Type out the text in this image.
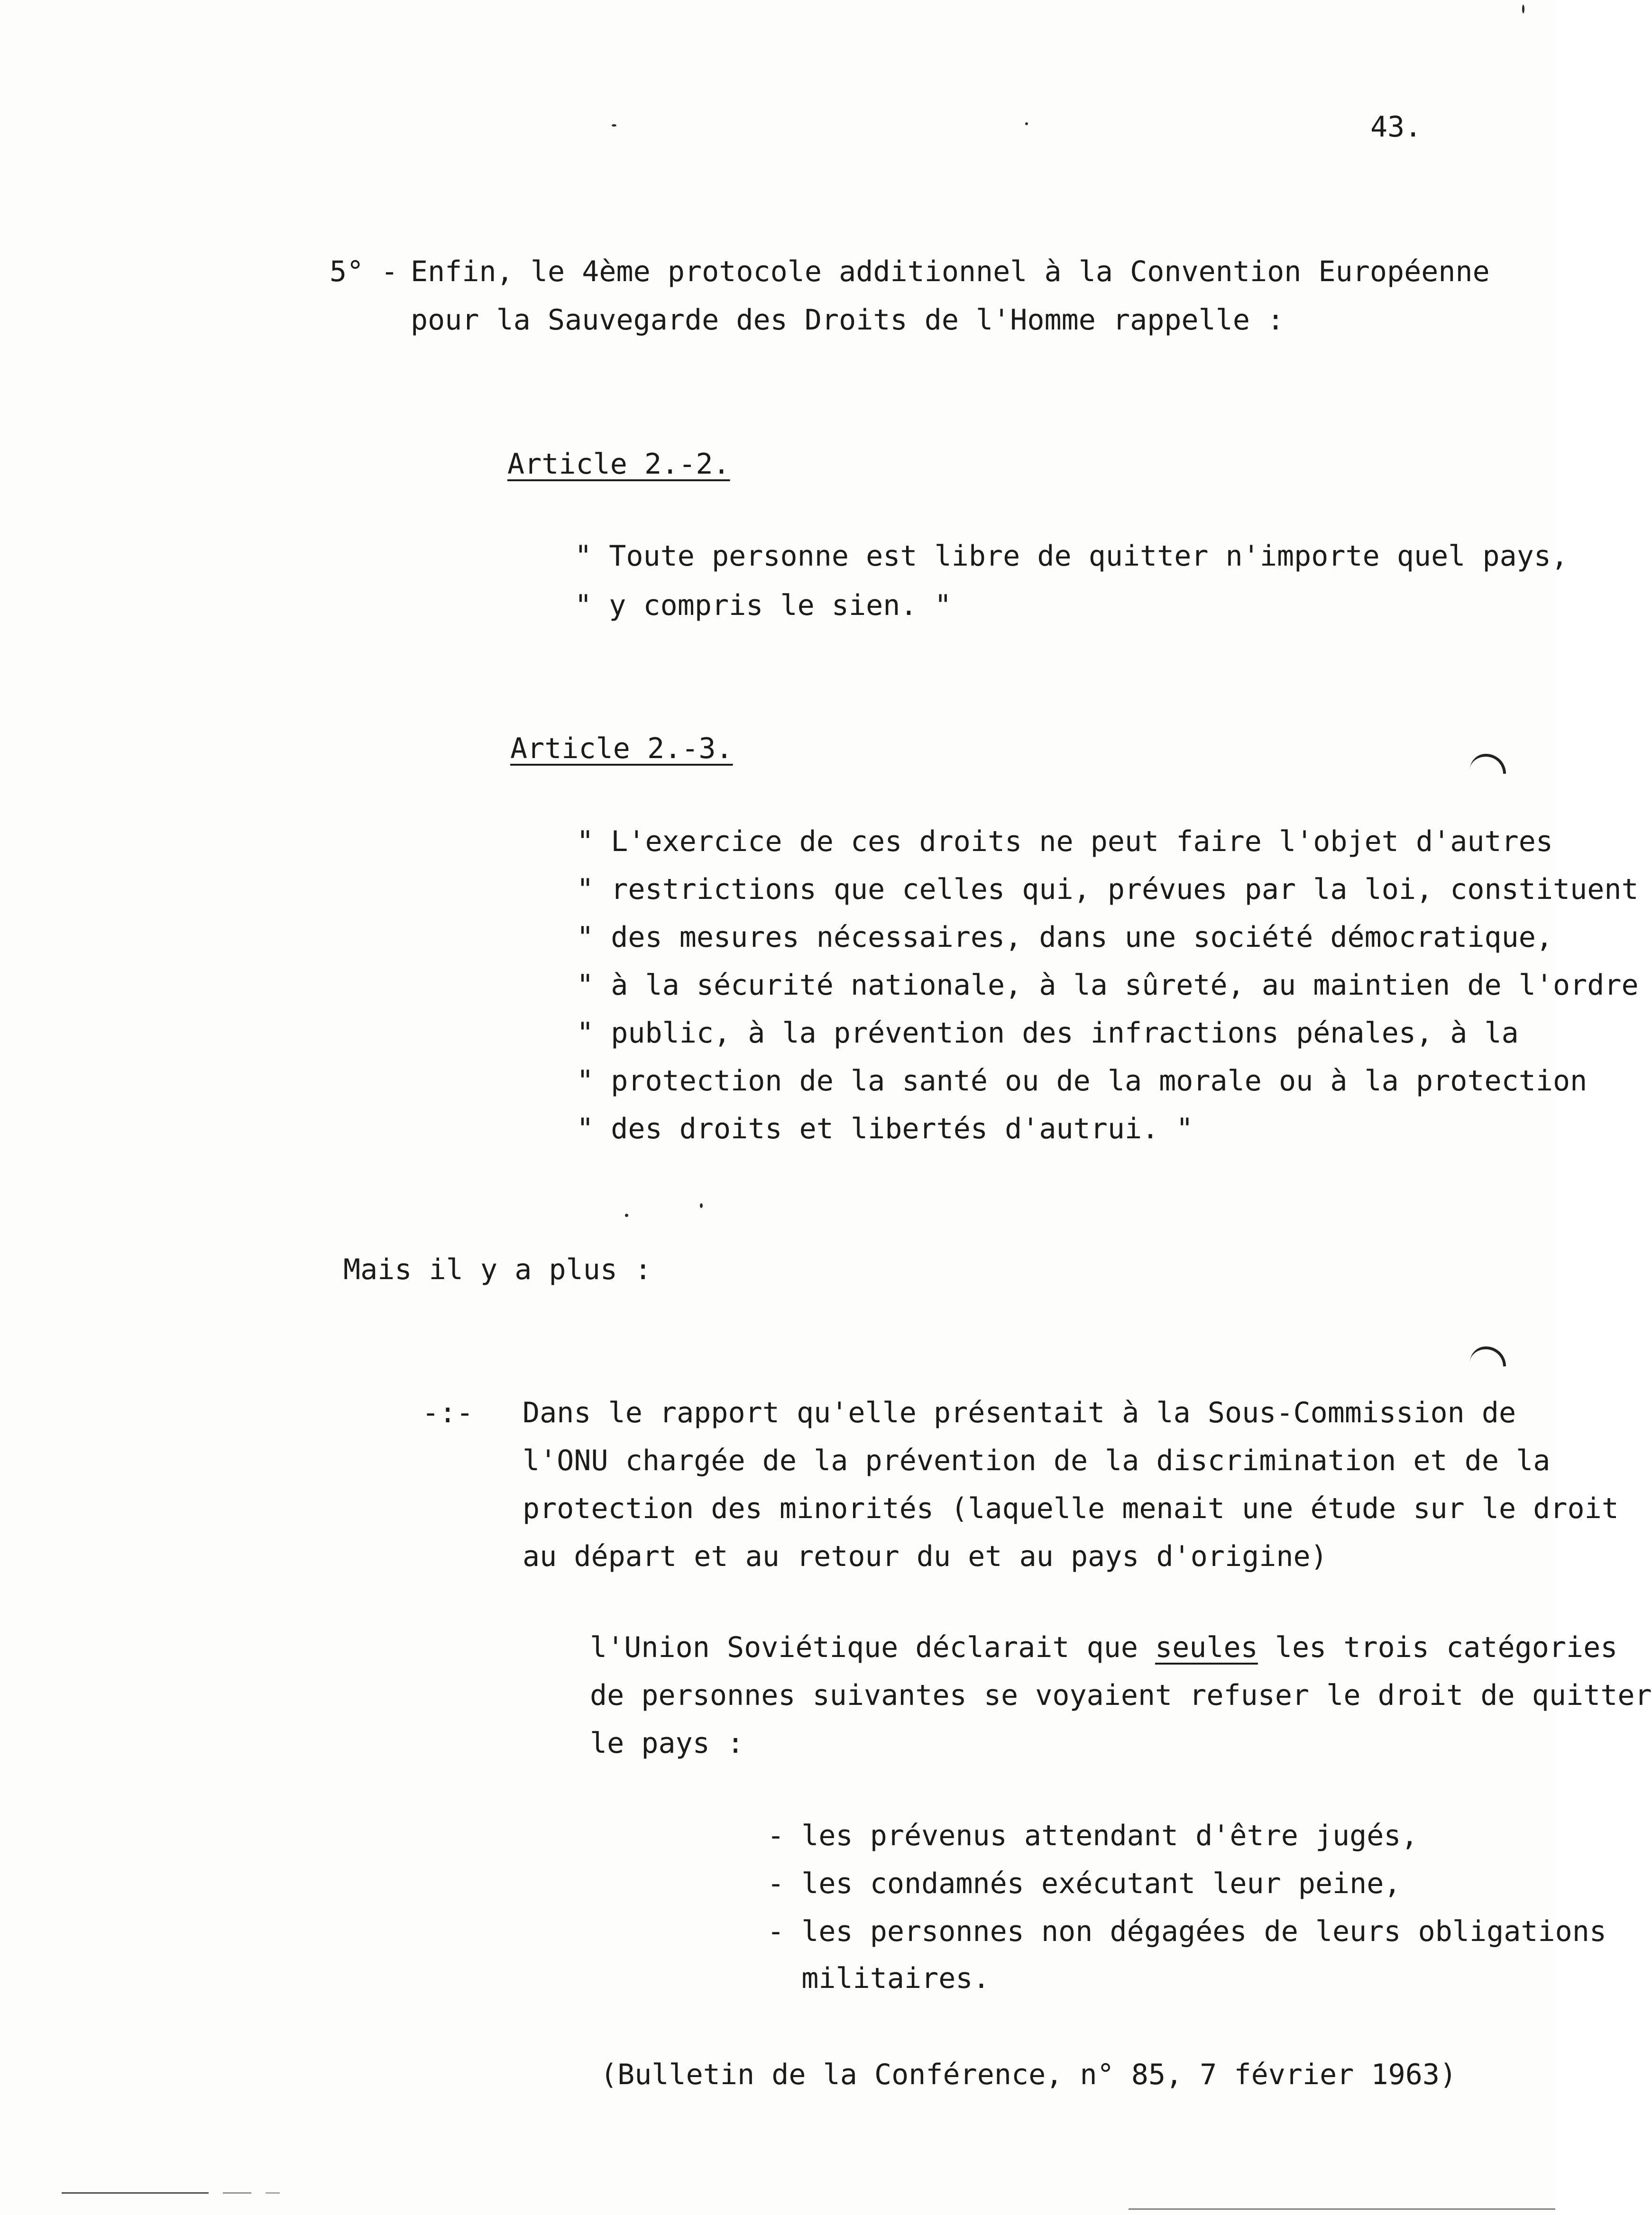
43.
5° - Enfin, le 4ème protocole additionnel à la Convention Européenne
pour la Sauvegarde des Droits de l'Homme rappelle :
Article 2.-2.
" Toute personne est libre de quitter n'importe quel pays,
" y compris le sien. "
Article 2.-3.
" L'exercice de ces droits ne peut faire l'objet d'autres
" restrictions que celles qui, prévues par la loi, constituent
" des mesures nécessaires, dans une société démocratique,
" à la sécurité nationale, à la sûreté, au maintien de l'ordre
" public, à la prévention des infractions pénales, à la
" protection de la santé ou de la morale ou à la protection
" des droits et libertés d'autrui. "
Mais il y a plus :
-:- Dans le rapport qu'elle présentait à la Sous-Commission de
l'ONU chargée de la prévention de la discrimination et de la
protection des minorités (laquelle menait une étude sur le droit
au départ et au retour du et au pays d'origine)
l'Union Soviétique déclarait que seules les trois catégories
de personnes suivantes se voyaient refuser le droit de quitter
le pays :
- les prévenus attendant d'être jugés,
- les condamnés exécutant leur peine,
- les personnes non dégagées de leurs obligations
militaires.
(Bulletin de la Conférence, n° 85, 7 février 1963)
